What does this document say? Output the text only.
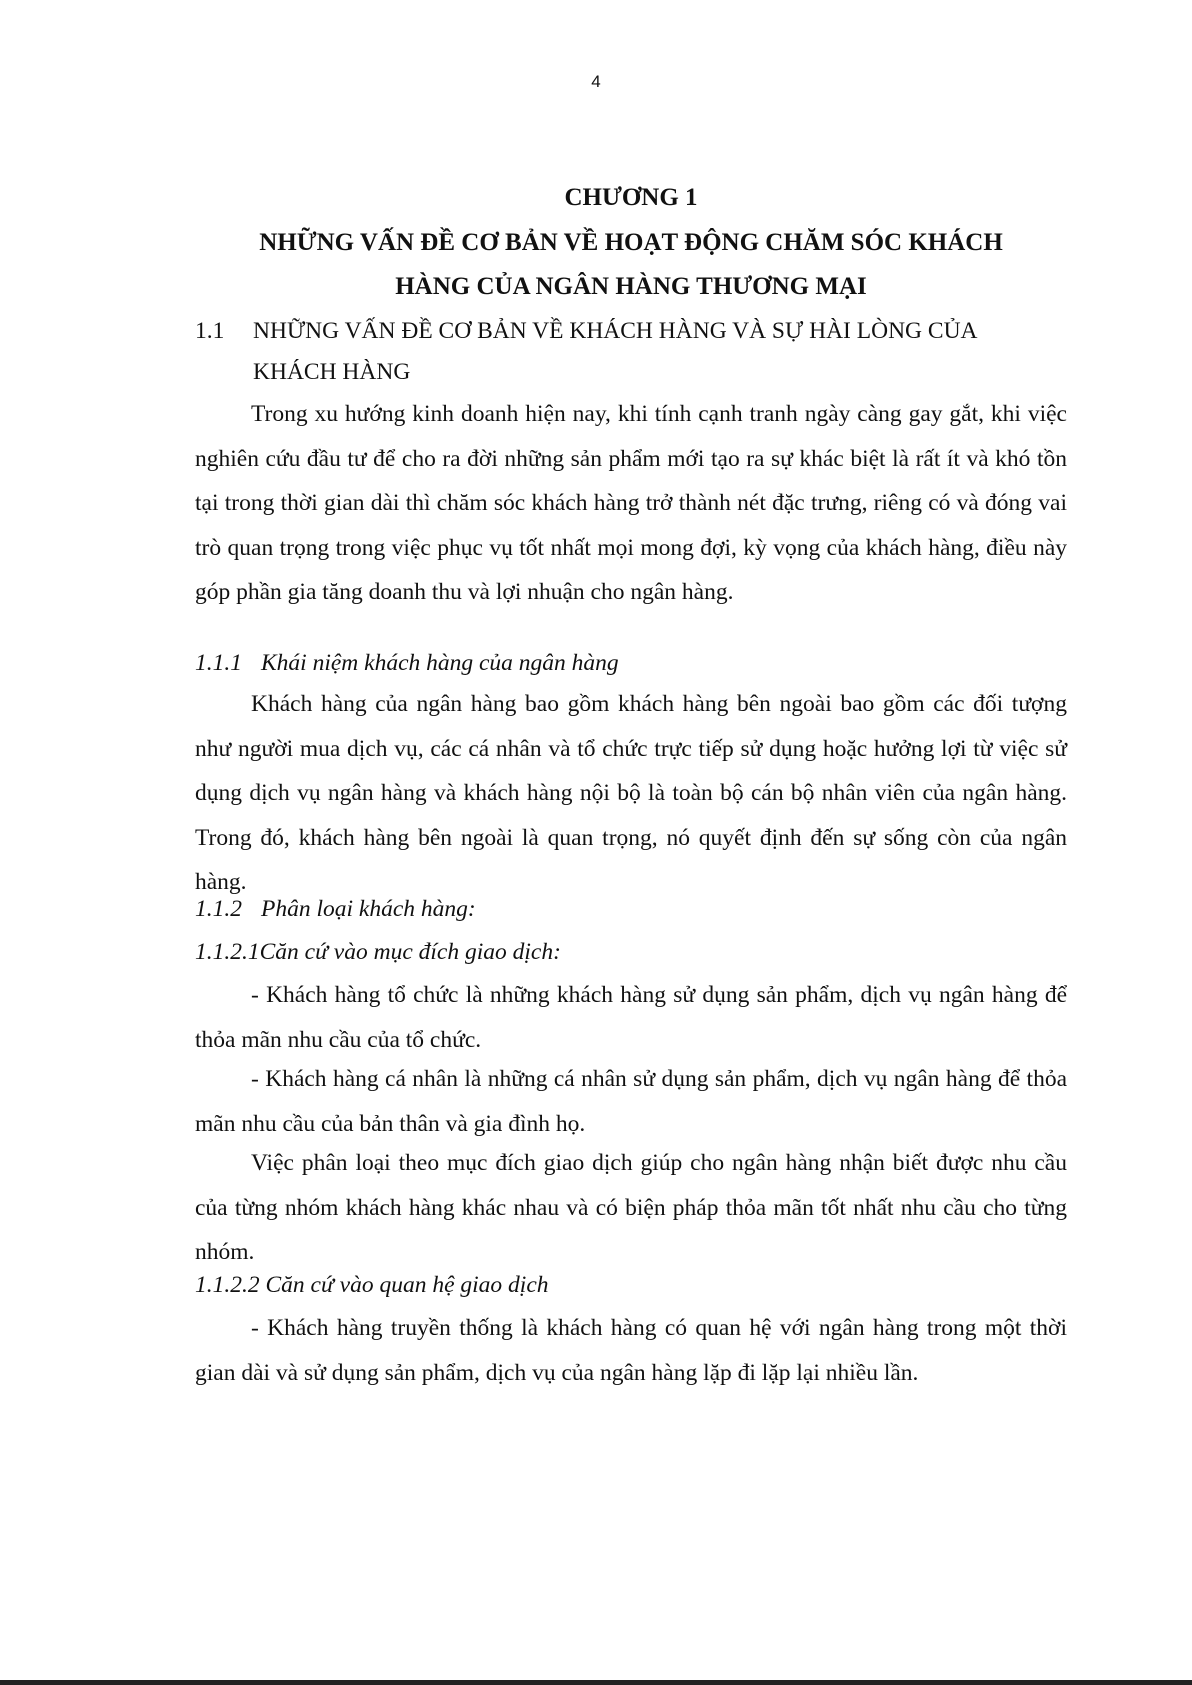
4
CHƯƠNG 1
NHỮNG VẤN ĐỀ CƠ BẢN VỀ HOẠT ĐỘNG CHĂM SÓC KHÁCH
HÀNG CỦA NGÂN HÀNG THƯƠNG MẠI
1.1 NHỮNG VẤN ĐỀ CƠ BẢN VỀ KHÁCH HÀNG VÀ SỰ HÀI LÒNG CỦA
KHÁCH HÀNG

Trong xu hướng kinh doanh hiện nay, khi tính cạnh tranh ngày càng gay gắt, khi việc nghiên cứu đầu tư để cho ra đời những sản phẩm mới tạo ra sự khác biệt là rất ít và khó tồn tại trong thời gian dài thì chăm sóc khách hàng trở thành nét đặc trưng, riêng có và đóng vai trò quan trọng trong việc phục vụ tốt nhất mọi mong đợi, kỳ vọng của khách hàng, điều này góp phần gia tăng doanh thu và lợi nhuận cho ngân hàng.

1.1.1 Khái niệm khách hàng của ngân hàng

Khách hàng của ngân hàng bao gồm khách hàng bên ngoài bao gồm các đối tượng như người mua dịch vụ, các cá nhân và tổ chức trực tiếp sử dụng hoặc hưởng lợi từ việc sử dụng dịch vụ ngân hàng và khách hàng nội bộ là toàn bộ cán bộ nhân viên của ngân hàng. Trong đó, khách hàng bên ngoài là quan trọng, nó quyết định đến sự sống còn của ngân hàng.

1.1.2 Phân loại khách hàng:
1.1.2.1Căn cứ vào mục đích giao dịch:

- Khách hàng tổ chức là những khách hàng sử dụng sản phẩm, dịch vụ ngân hàng để thỏa mãn nhu cầu của tổ chức.

- Khách hàng cá nhân là những cá nhân sử dụng sản phẩm, dịch vụ ngân hàng để thỏa mãn nhu cầu của bản thân và gia đình họ.

Việc phân loại theo mục đích giao dịch giúp cho ngân hàng nhận biết được nhu cầu của từng nhóm khách hàng khác nhau và có biện pháp thỏa mãn tốt nhất nhu cầu cho từng nhóm.

1.1.2.2 Căn cứ vào quan hệ giao dịch

- Khách hàng truyền thống là khách hàng có quan hệ với ngân hàng trong một thời gian dài và sử dụng sản phẩm, dịch vụ của ngân hàng lặp đi lặp lại nhiều lần.
